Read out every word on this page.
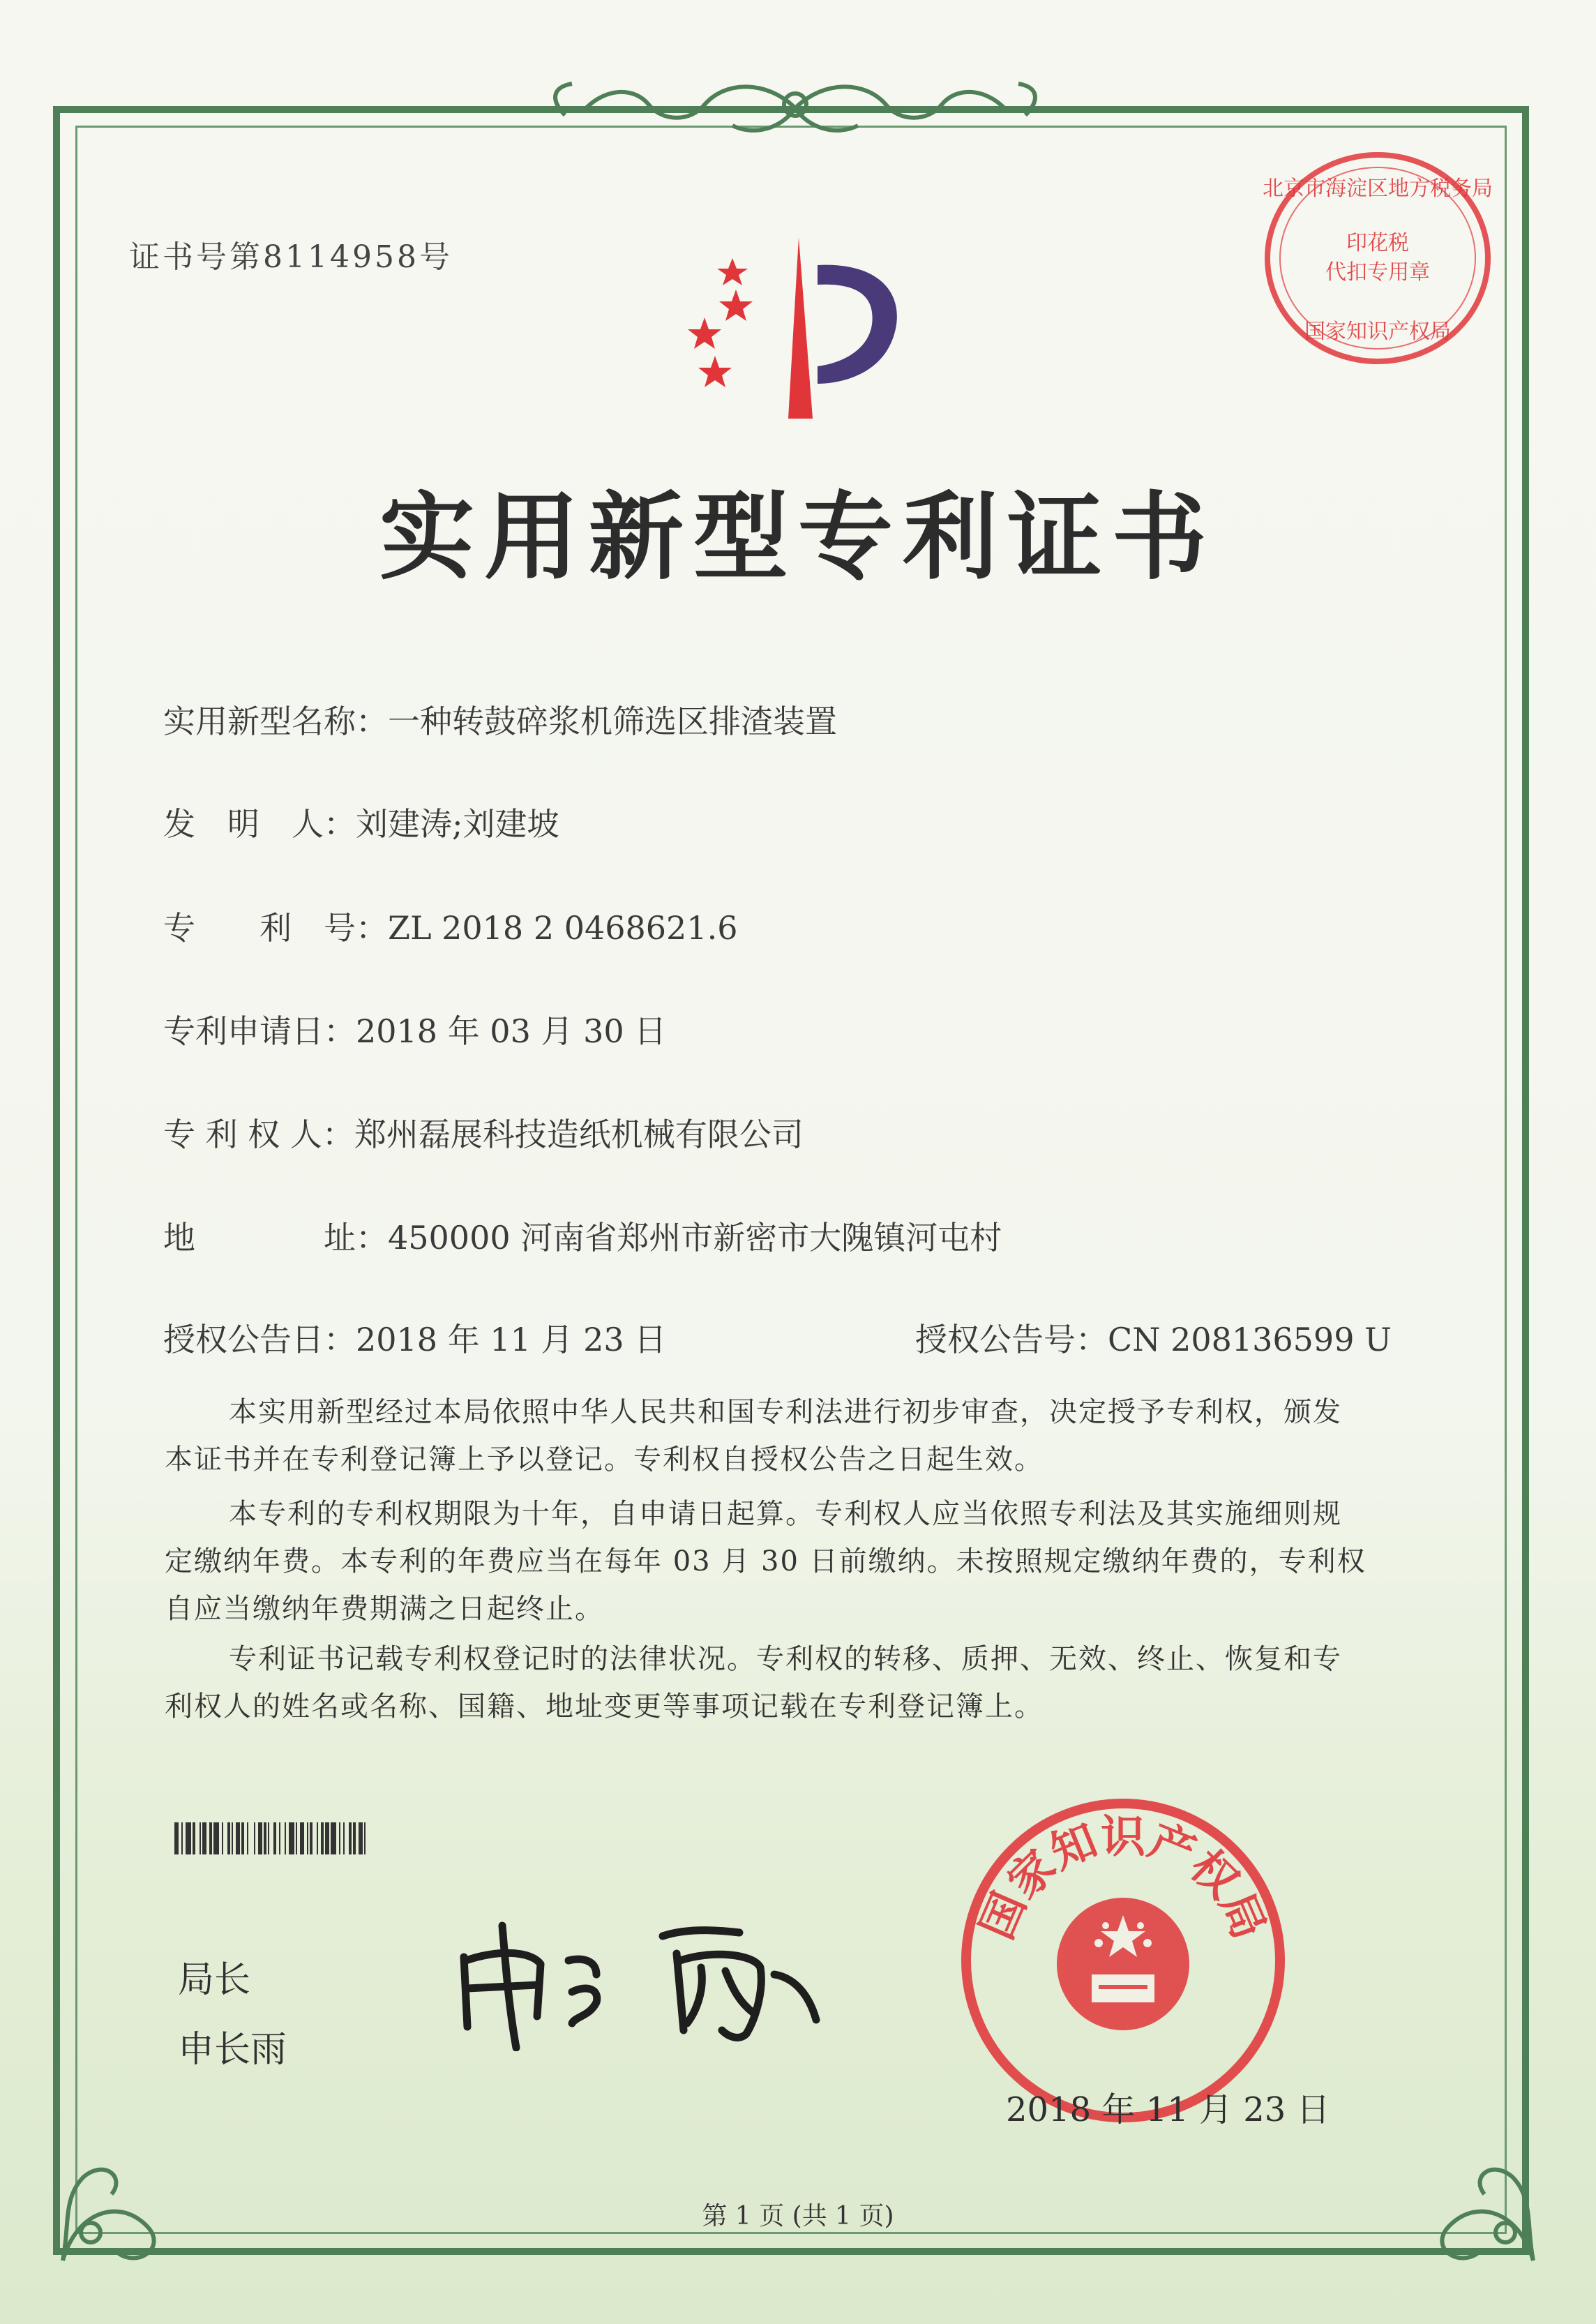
证书号第8114958号
北京市海淀区地方税务局
印花税
代扣专用章
国家知识产权局
实用新型专利证书
实用新型名称：一种转鼓碎浆机筛选区排渣装置
发　明　人：刘建涛;刘建坡
专　　利　号：ZL 2018 2 0468621.6
专利申请日：2018 年 03 月 30 日
专 利 权 人：郑州磊展科技造纸机械有限公司
地　　　　址：450000 河南省郑州市新密市大隗镇河屯村
授权公告日：2018 年 11 月 23 日	授权公告号：CN 208136599 U
本实用新型经过本局依照中华人民共和国专利法进行初步审查，决定授予专利权，颁发
本证书并在专利登记簿上予以登记。专利权自授权公告之日起生效。
本专利的专利权期限为十年，自申请日起算。专利权人应当依照专利法及其实施细则规
定缴纳年费。本专利的年费应当在每年 03 月 30 日前缴纳。未按照规定缴纳年费的，专利权
自应当缴纳年费期满之日起终止。
专利证书记载专利权登记时的法律状况。专利权的转移、质押、无效、终止、恢复和专
利权人的姓名或名称、国籍、地址变更等事项记载在专利登记簿上。
局长
申长雨
国家知识产权局
2018 年 11 月 23 日
第 1 页 (共 1 页)
